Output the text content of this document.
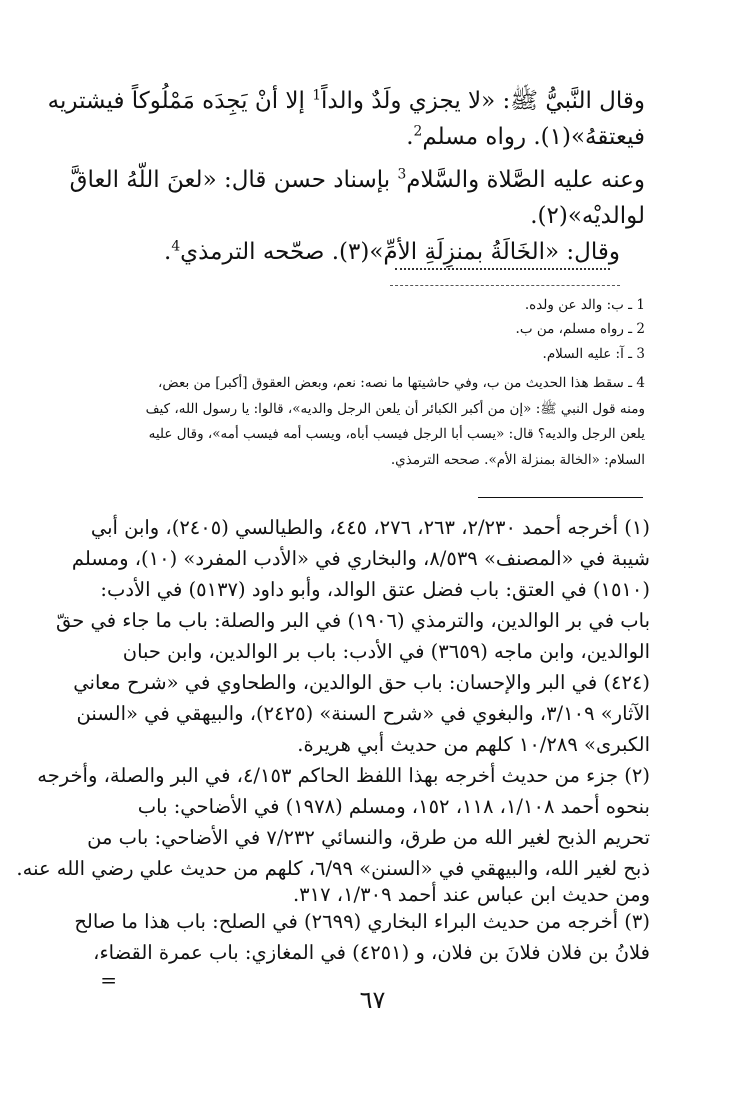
وقال النَّبيُّ ﷺ: «لا يجزي ولَدٌ والداً$^1$ إلا أنْ يَجِدَه مَمْلُوكاً فيشتريه
فيعتقهُ»(١). رواه مسلم$^2$.
وعنه عليه الصَّلاة والسَّلام$^3$ بإسناد حسن قال: «لعنَ اللّهُ العاقَّ
لوالديْه»(٢).
وقال: «الخَالَةُ بمنزِلَةِ الأمِّ»(٣). صحّحه الترمذي$^4$.
1 ـ ب: والد عن ولده.
2 ـ رواه مسلم، من ب.
3 ـ آ: عليه السلام.
4 ـ سقط هذا الحديث من ب، وفي حاشيتها ما نصه: نعم، وبعض العقوق [أكبر] من بعض،
ومنه قول النبي ﷺ: «إن من أكبر الكبائر أن يلعن الرجل والديه»، قالوا: يا رسول الله، كيف
يلعن الرجل والديه؟ قال: «يسب أبا الرجل فيسب أباه، ويسب أمه فيسب أمه»، وقال عليه
السلام: «الخالة بمنزلة الأم». صححه الترمذي.
(١) أخرجه أحمد ٢/٢٣٠، ٢٦٣، ٢٧٦، ٤٤٥، والطيالسي (٢٤٠٥)، وابن أبي
شيبة في «المصنف» ٨/٥٣٩، والبخاري في «الأدب المفرد» (١٠)، ومسلم
(١٥١٠) في العتق: باب فضل عتق الوالد، وأبو داود (٥١٣٧) في الأدب:
باب في بر الوالدين، والترمذي (١٩٠٦) في البر والصلة: باب ما جاء في حقّ
الوالدين، وابن ماجه (٣٦٥٩) في الأدب: باب بر الوالدين، وابن حبان
(٤٢٤) في البر والإحسان: باب حق الوالدين، والطحاوي في «شرح معاني
الآثار» ٣/١٠٩، والبغوي في «شرح السنة» (٢٤٢٥)، والبيهقي في «السنن
الكبرى» ١٠/٢٨٩ كلهم من حديث أبي هريرة.
(٢) جزء من حديث أخرجه بهذا اللفظ الحاكم ٤/١٥٣، في البر والصلة، وأخرجه
بنحوه أحمد ١/١٠٨، ١١٨، ١٥٢، ومسلم (١٩٧٨) في الأضاحي: باب
تحريم الذبح لغير الله من طرق، والنسائي ٧/٢٣٢ في الأضاحي: باب من
ذبح لغير الله، والبيهقي في «السنن» ٦/٩٩، كلهم من حديث علي رضي الله عنه.
ومن حديث ابن عباس عند أحمد ١/٣٠٩، ٣١٧.
(٣) أخرجه من حديث البراء البخاري (٢٦٩٩) في الصلح: باب هذا ما صالح
فلانُ بن فلان فلانَ بن فلان، و (٤٢٥١) في المغازي: باب عمرة القضاء،
=
٦٧
